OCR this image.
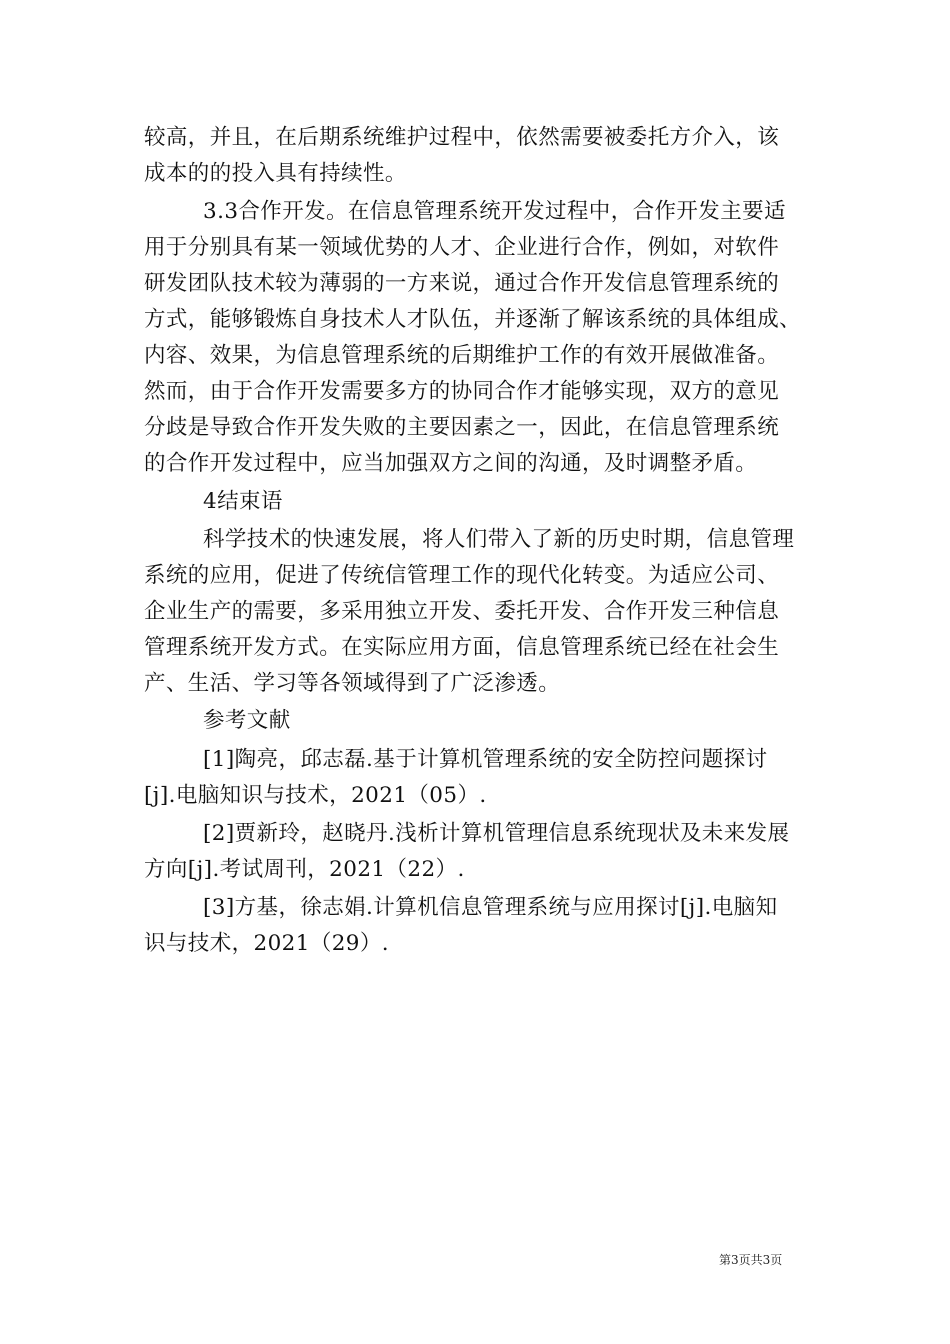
较高，并且，在后期系统维护过程中，依然需要被委托方介入，该
成本的的投入具有持续性。
3.3合作开发。在信息管理系统开发过程中，合作开发主要适
用于分别具有某一领域优势的人才、企业进行合作，例如，对软件
研发团队技术较为薄弱的一方来说，通过合作开发信息管理系统的
方式，能够锻炼自身技术人才队伍，并逐渐了解该系统的具体组成、
内容、效果，为信息管理系统的后期维护工作的有效开展做准备。
然而，由于合作开发需要多方的协同合作才能够实现，双方的意见
分歧是导致合作开发失败的主要因素之一，因此，在信息管理系统
的合作开发过程中，应当加强双方之间的沟通，及时调整矛盾。
4结束语
科学技术的快速发展，将人们带入了新的历史时期，信息管理
系统的应用，促进了传统信管理工作的现代化转变。为适应公司、
企业生产的需要，多采用独立开发、委托开发、合作开发三种信息
管理系统开发方式。在实际应用方面，信息管理系统已经在社会生
产、生活、学习等各领域得到了广泛渗透。
参考文献
[1]陶亮，邱志磊.基于计算机管理系统的安全防控问题探讨
[j].电脑知识与技术，2021（05）.
[2]贾新玲，赵晓丹.浅析计算机管理信息系统现状及未来发展
方向[j].考试周刊，2021（22）.
[3]方基，徐志娟.计算机信息管理系统与应用探讨[j].电脑知
识与技术，2021（29）.
第3页共3页
